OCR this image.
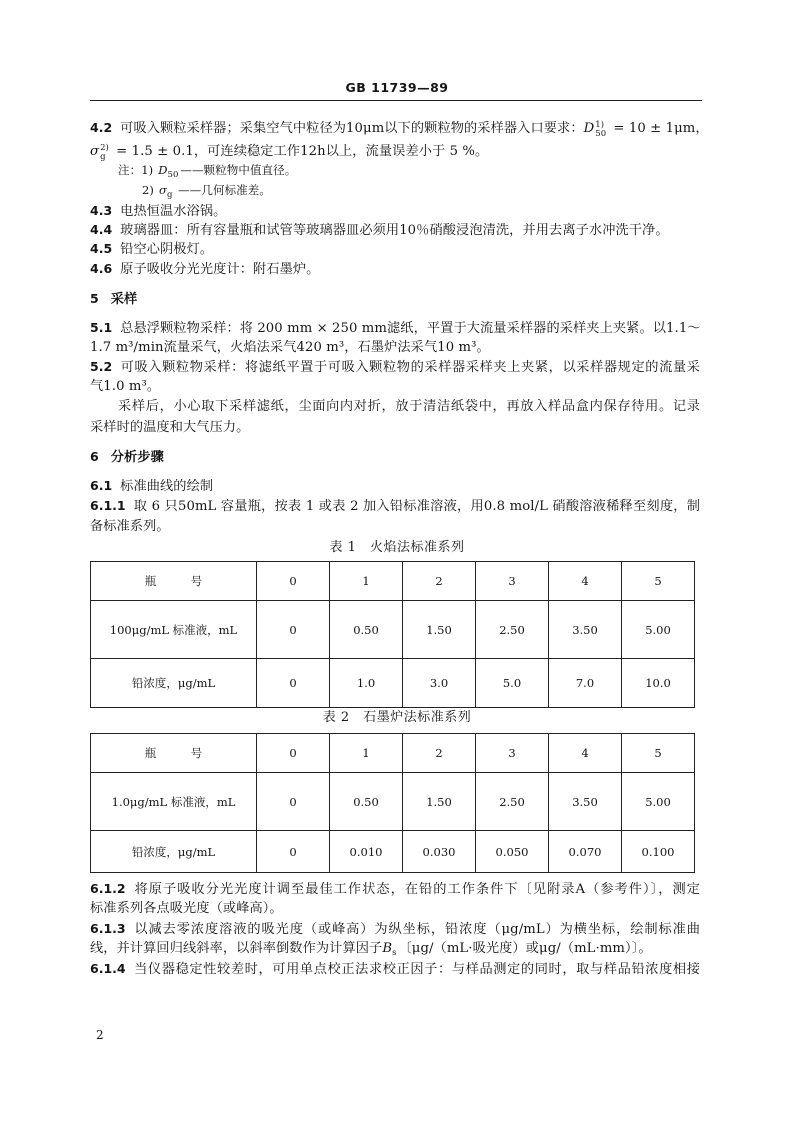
GB 11739—89
4.2 可吸入颗粒采样器；采集空气中粒径为10μm以下的颗粒物的采样器入口要求：D 1)
50 = 10 ± 1μm，
σ 2)
g = 1.5 ± 0.1，可连续稳定工作12h以上，流量误差小于 5 %。
注：1) $D_{50}$ ——颗粒物中值直径。
2) $\sigma_g$ ——几何标准差。
4.3 电热恒温水浴锅。
4.4 玻璃器皿：所有容量瓶和试管等玻璃器皿必须用10％硝酸浸泡清洗，并用去离子水冲洗干净。
4.5 铅空心阴极灯。
4.6 原子吸收分光光度计：附石墨炉。
5 采样
5.1 总悬浮颗粒物采样：将 200 mm × 250 mm滤纸，平置于大流量采样器的采样夹上夹紧。以1.1～
1.7 m³/min流量采气，火焰法采气420 m³，石墨炉法采气10 m³。
5.2 可吸入颗粒物采样：将滤纸平置于可吸入颗粒物的采样器采样夹上夹紧，以采样器规定的流量采
气1.0 m³。
采样后，小心取下采样滤纸，尘面向内对折，放于清洁纸袋中，再放入样品盒内保存待用。记录
采样时的温度和大气压力。
6 分析步骤
6.1 标准曲线的绘制
6.1.1 取 6 只50mL 容量瓶，按表 1 或表 2 加入铅标准溶液，用0.8 mol/L 硝酸溶液稀释至刻度，制
备标准系列。
表 1　火焰法标准系列
瓶　　　号	0	1	2	3	4	5
100μg/mL 标准液，mL	0	0.50	1.50	2.50	3.50	5.00
铅浓度，μg/mL	0	1.0	3.0	5.0	7.0	10.0
表 2　石墨炉法标准系列
瓶　　　号	0	1	2	3	4	5
1.0μg/mL 标准液，mL	0	0.50	1.50	2.50	3.50	5.00
铅浓度，μg/mL	0	0.010	0.030	0.050	0.070	0.100
6.1.2 将原子吸收分光光度计调至最佳工作状态，在铅的工作条件下〔见附录A（参考件）〕，测定
标准系列各点吸光度（或峰高）。
6.1.3 以减去零浓度溶液的吸光度（或峰高）为纵坐标，铅浓度（μg/mL）为横坐标，绘制标准曲
线，并计算回归线斜率，以斜率倒数作为计算因子$B_s$ 〔μg/（mL·吸光度）或μg/（mL·mm）〕。
6.1.4 当仪器稳定性较差时，可用单点校正法求校正因子：与样品测定的同时，取与样品铅浓度相接
2
